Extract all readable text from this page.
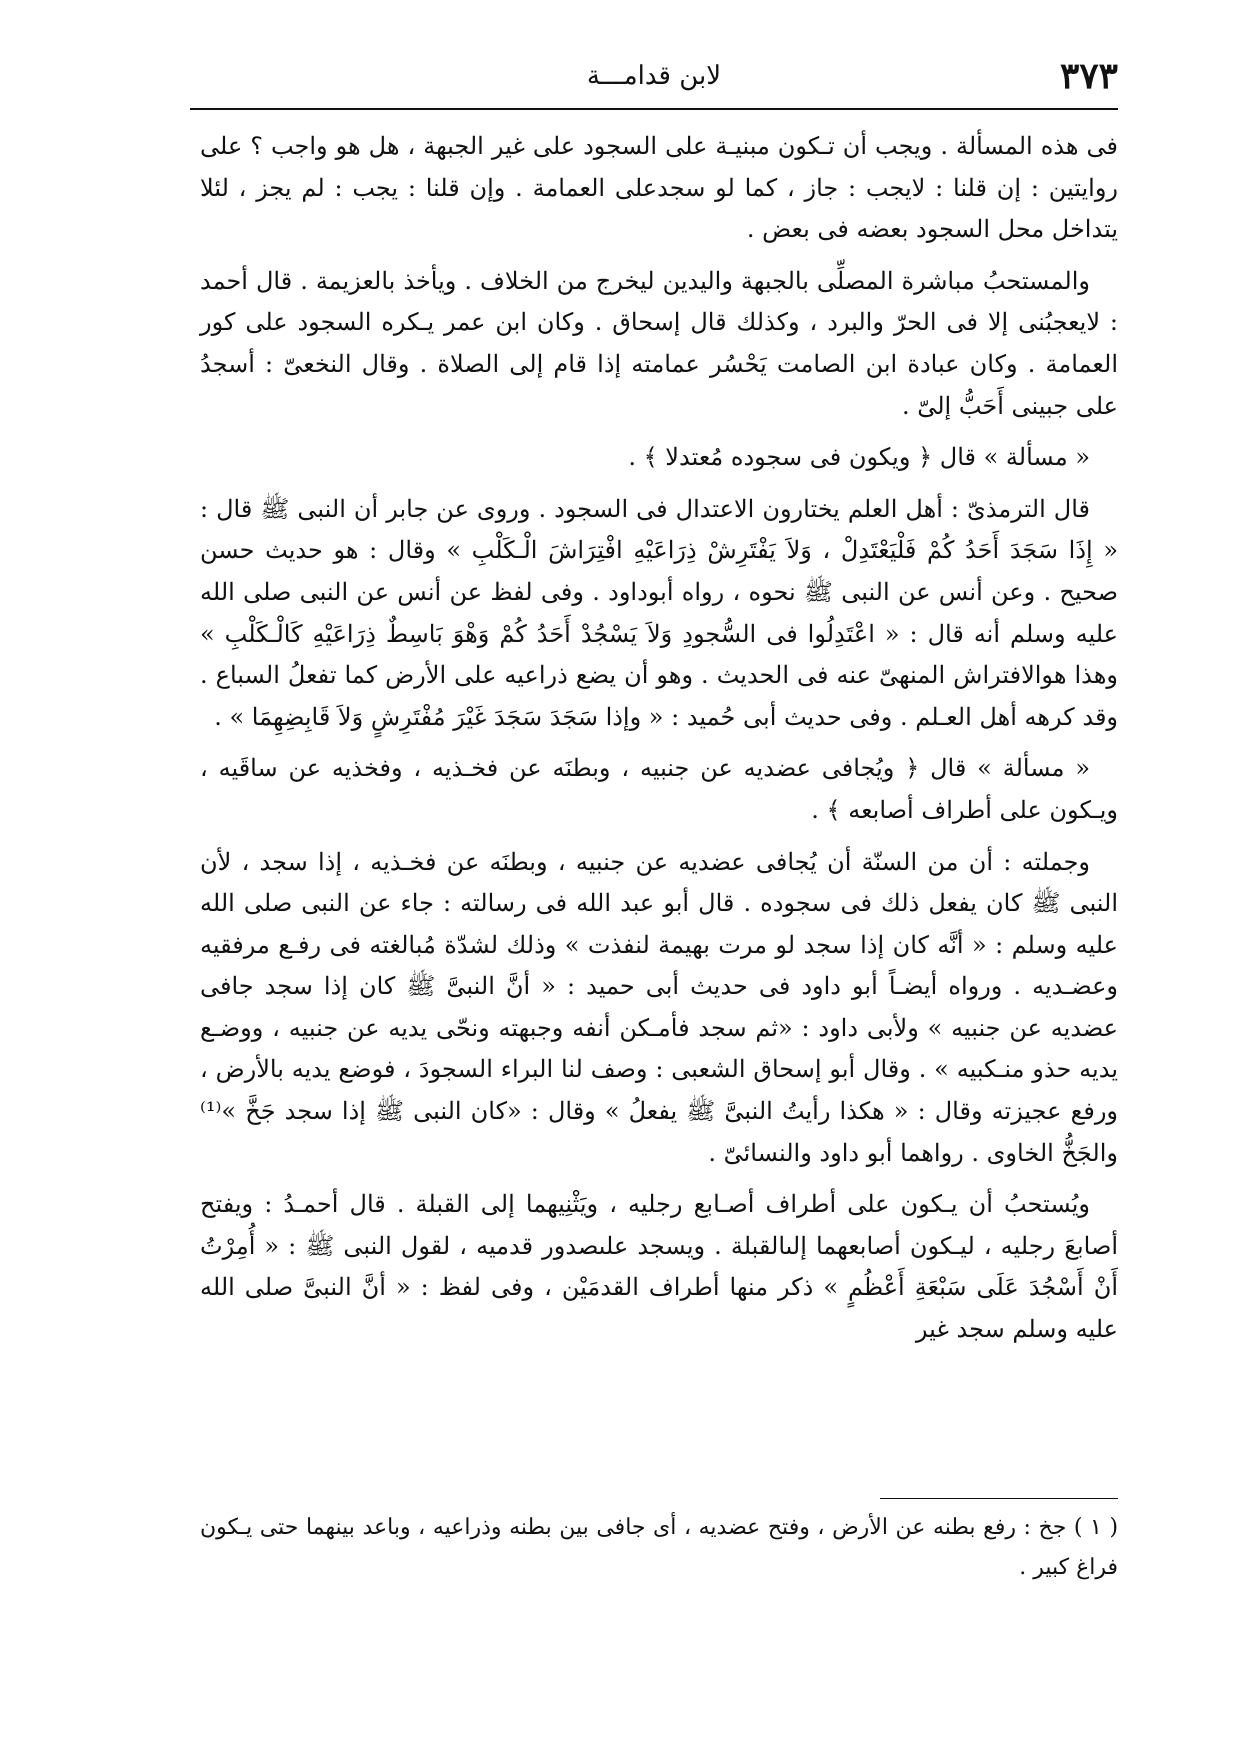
٣٧٣
لابن قدامـــة

فى هذه المسألة . ويجب أن تـكون مبنيـة على السجود على غير الجبهة ، هل هو واجب ؟ على روايتين : إن قلنا : لايجب : جاز ، كما لو سجدعلى العمامة . وإن قلنا : يجب : لم يجز ، لئلا يتداخل محل السجود بعضه فى بعض .

والمستحبُ مباشرة المصلِّى بالجبهة واليدين ليخرج من الخلاف . ويأخذ بالعزيمة . قال أحمد : لايعجبُنى إلا فى الحرّ والبرد ، وكذلك قال إسحاق . وكان ابن عمر يـكره السجود على كور العمامة . وكان عبادة ابن الصامت يَحْسُر عمامته إذا قام إلى الصلاة . وقال النخعىّ : أسجدُ على جبينى أَحَبُّ إلىّ .

« مسألة » قال ﴿ ويكون فى سجوده مُعتدلا ﴾ .

قال الترمذىّ : أهل العلم يختارون الاعتدال فى السجود . وروى عن جابر أن النبى ﷺ قال : « إِذَا سَجَدَ أَحَدُ كُمْ فَلْيَعْتَدِلْ ، وَلاَ يَفْتَرِشْ ذِرَاعَيْهِ افْتِرَاشَ الْـكَلْبِ » وقال : هو حديث حسن صحيح . وعن أنس عن النبى ﷺ نحوه ، رواه أبوداود . وفى لفظ عن أنس عن النبى صلى الله عليه وسلم أنه قال : « اعْتَدِلُوا فى السُّجودِ وَلاَ يَسْجُدْ أَحَدُ كُمْ وَهْوَ بَاسِطٌ ذِرَاعَيْهِ كَالْـكَلْبِ » وهذا هوالافتراش المنهىّ عنه فى الحديث . وهو أن يضع ذراعيه على الأرض كما تفعلُ السباع . وقد كرهه أهل العـلم . وفى حديث أبى حُميد : « وإذا سَجَدَ سَجَدَ غَيْرَ مُفْتَرِشٍ وَلاَ قَابِضِهِمَا » .

« مسألة » قال ﴿ ويُجافى عضديه عن جنبيه ، وبطنَه عن فخـذيه ، وفخذيه عن ساقَيه ، ويـكون على أطراف أصابعه ﴾ .

وجملته : أن من السنّة أن يُجافى عضديه عن جنبيه ، وبطنَه عن فخـذيه ، إذا سجد ، لأن النبى ﷺ كان يفعل ذلك فى سجوده . قال أبو عبد الله فى رسالته : جاء عن النبى صلى الله عليه وسلم : « أنَّه كان إذا سجد لو مرت بهيمة لنفذت » وذلك لشدّة مُبالغته فى رفـع مرفقيه وعضـديه . ورواه أيضـاً أبو داود فى حديث أبى حميد : « أنَّ النبىَّ ﷺ كان إذا سجد جافى عضديه عن جنبيه » ولأبى داود : «ثم سجد فأمـكن أنفه وجبهته ونحّى يديه عن جنبيه ، ووضـع يديه حذو منـكبيه » . وقال أبو إسحاق الشعبى : وصف لنا البراء السجودَ ، فوضع يديه بالأرض ، ورفع عجيزته وقال : « هكذا رأيتُ النبىَّ ﷺ يفعلُ » وقال : «كان النبى ﷺ إذا سجد جَخَّ »⁽¹⁾ والجَخُّ الخاوى . رواهما أبو داود والنسائىّ .

ويُستحبُ أن يـكون على أطراف أصـابع رجليه ، ويَثْنِيهما إلى القبلة . قال أحمـدُ : ويفتح أصابعَ رجليه ، ليـكون أصابعهما إلىالقبلة . ويسجد علىصدور قدميه ، لقول النبى ﷺ : « أُمِرْتُ أَنْ أَسْجُدَ عَلَى سَبْعَةِ أَعْظُمٍ » ذكر منها أطراف القدمَيْن ، وفى لفظ : « أنَّ النبىَّ صلى الله عليه وسلم سجد غير

( ١ ) جخ : رفع بطنه عن الأرض ، وفتح عضديه ، أى جافى بين بطنه وذراعيه ، وباعد بينهما حتى يـكون فراغ كبير .
